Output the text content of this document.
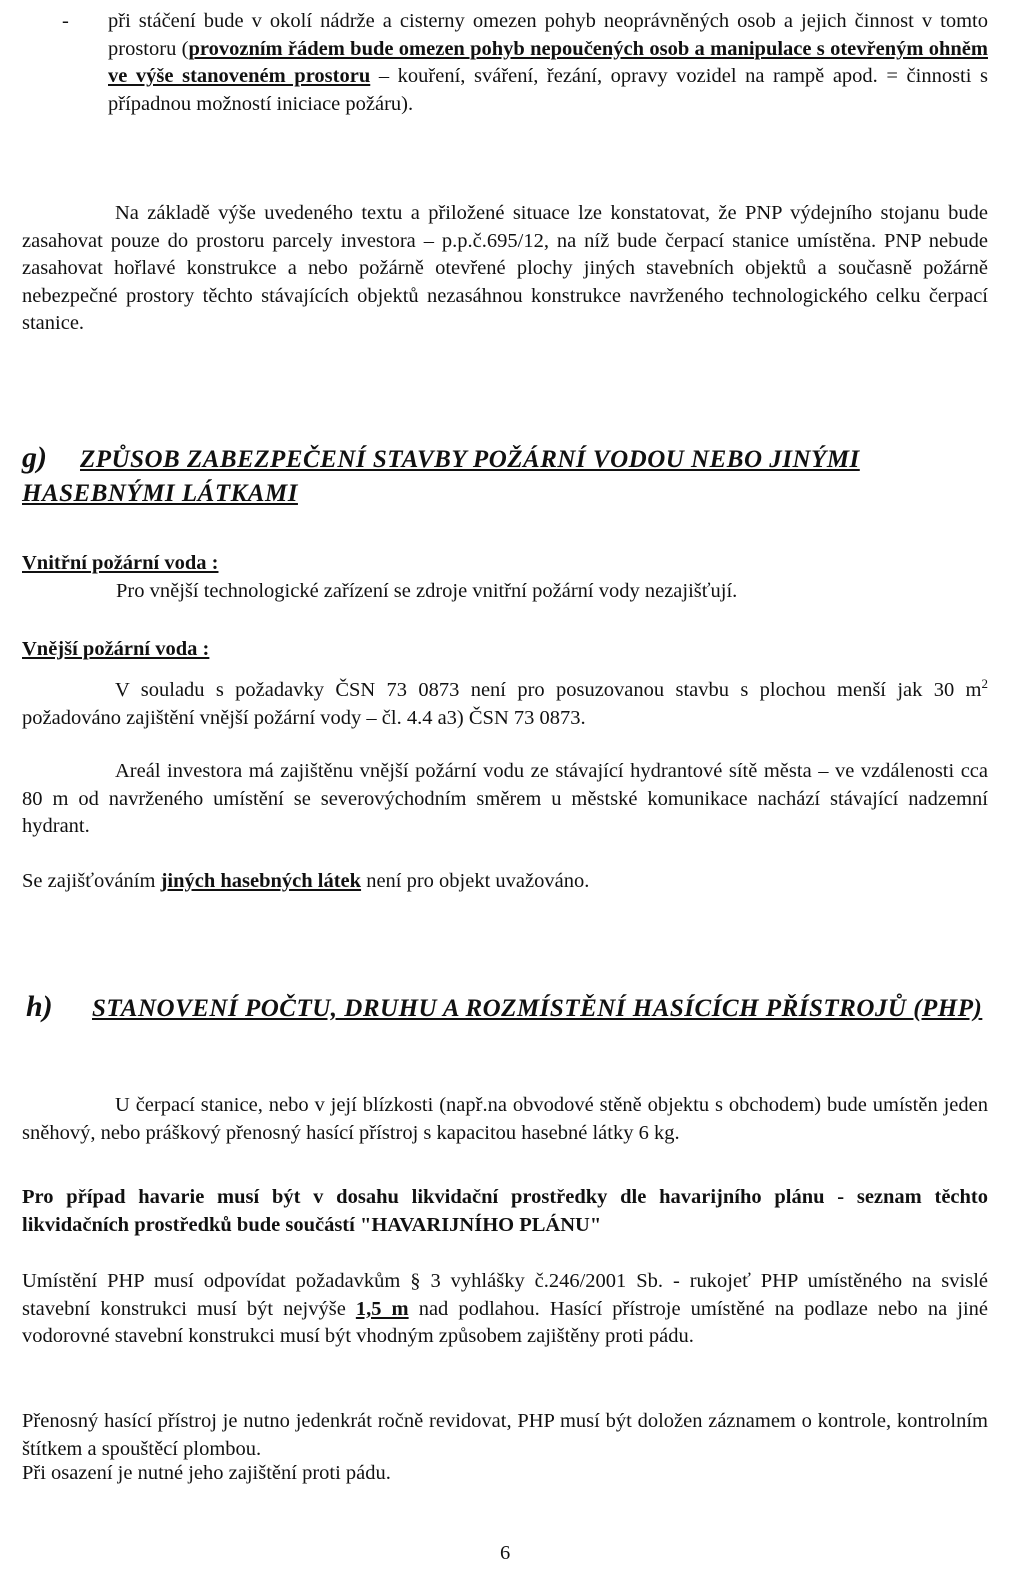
- při stáčení bude v okolí nádrže a cisterny omezen pohyb neoprávněných osob a jejich činnost v tomto prostoru (provozním řádem bude omezen pohyb nepoučených osob a manipulace s otevřeným ohněm ve výše stanoveném prostoru – kouření, sváření, řezání, opravy vozidel na rampě apod. = činnosti s případnou možností iniciace požáru).

Na základě výše uvedeného textu a přiložené situace lze konstatovat, že PNP výdejního stojanu bude zasahovat pouze do prostoru parcely investora – p.p.č.695/12, na níž bude čerpací stanice umístěna. PNP nebude zasahovat hořlavé konstrukce a nebo požárně otevřené plochy jiných stavebních objektů a současně požárně nebezpečné prostory těchto stávajících objektů nezasáhnou konstrukce navrženého technologického celku čerpací stanice.

g) ZPŮSOB ZABEZPEČENÍ STAVBY POŽÁRNÍ VODOU NEBO JINÝMI HASEBNÝMI LÁTKAMI

Vnitřní požární voda :

Pro vnější technologické zařízení se zdroje vnitřní požární vody nezajišťují.

Vnější požární voda :

V souladu s požadavky ČSN 73 0873 není pro posuzovanou stavbu s plochou menší jak 30 $m^2$ požadováno zajištění vnější požární vody – čl. 4.4 a3) ČSN 73 0873.

Areál investora má zajištěnu vnější požární vodu ze stávající hydrantové sítě města – ve vzdálenosti cca 80 m od navrženého umístění se severovýchodním směrem u městské komunikace nachází stávající nadzemní hydrant.

Se zajišťováním jiných hasebných látek není pro objekt uvažováno.

h) STANOVENÍ POČTU, DRUHU A ROZMÍSTĚNÍ HASÍCÍCH PŘÍSTROJŮ (PHP)

U čerpací stanice, nebo v její blízkosti (např.na obvodové stěně objektu s obchodem) bude umístěn jeden sněhový, nebo práškový přenosný hasící přístroj s kapacitou hasebné látky 6 kg.

Pro případ havarie musí být v dosahu likvidační prostředky dle havarijního plánu - seznam těchto likvidačních prostředků bude součástí "HAVARIJNÍHO PLÁNU"

Umístění PHP musí odpovídat požadavkům § 3 vyhlášky č.246/2001 Sb. - rukojeť PHP umístěného na svislé stavební konstrukci musí být nejvýše 1,5 m nad podlahou. Hasící přístroje umístěné na podlaze nebo na jiné vodorovné stavební konstrukci musí být vhodným způsobem zajištěny proti pádu.

Přenosný hasící přístroj je nutno jedenkrát ročně revidovat, PHP musí být doložen záznamem o kontrole, kontrolním štítkem a spouštěcí plombou.

Při osazení je nutné jeho zajištění proti pádu.

6
